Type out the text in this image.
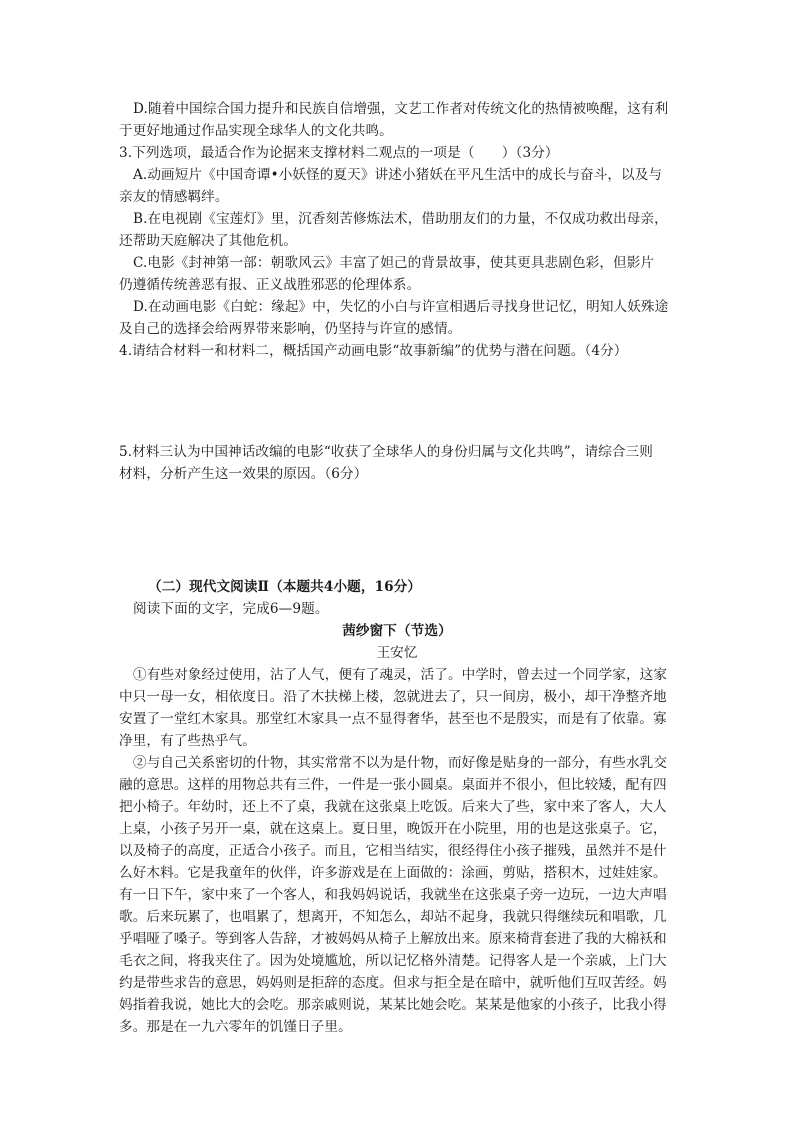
D.随着中国综合国力提升和民族自信增强，文艺工作者对传统文化的热情被唤醒，这有利
于更好地通过作品实现全球华人的文化共鸣。
3.下列选项，最适合作为论据来支撑材料二观点的一项是（　　）（3分）
A.动画短片《中国奇谭•小妖怪的夏天》讲述小猪妖在平凡生活中的成长与奋斗，以及与
亲友的情感羁绊。
B.在电视剧《宝莲灯》里，沉香刻苦修炼法术，借助朋友们的力量，不仅成功救出母亲，
还帮助天庭解决了其他危机。
C.电影《封神第一部：朝歌风云》丰富了妲己的背景故事，使其更具悲剧色彩，但影片
仍遵循传统善恶有报、正义战胜邪恶的伦理体系。
D.在动画电影《白蛇：缘起》中，失忆的小白与许宣相遇后寻找身世记忆，明知人妖殊途
及自己的选择会给两界带来影响，仍坚持与许宣的感情。
4.请结合材料一和材料二，概括国产动画电影“故事新编”的优势与潜在问题。（4分）
5.材料三认为中国神话改编的电影“收获了全球华人的身份归属与文化共鸣”，请综合三则
材料，分析产生这一效果的原因。（6分）
（二）现代文阅读Ⅱ（本题共4小题，16分）
阅读下面的文字，完成6—9题。
茜纱窗下（节选）
王安忆
①有些对象经过使用，沾了人气，便有了魂灵，活了。中学时，曾去过一个同学家，这家
中只一母一女，相依度日。沿了木扶梯上楼，忽就进去了，只一间房，极小，却干净整齐地
安置了一堂红木家具。那堂红木家具一点不显得奢华，甚至也不是殷实，而是有了依靠。寡
净里，有了些热乎气。
②与自己关系密切的什物，其实常常不以为是什物，而好像是贴身的一部分，有些水乳交
融的意思。这样的用物总共有三件，一件是一张小圆桌。桌面并不很小，但比较矮，配有四
把小椅子。年幼时，还上不了桌，我就在这张桌上吃饭。后来大了些，家中来了客人，大人
上桌，小孩子另开一桌，就在这桌上。夏日里，晚饭开在小院里，用的也是这张桌子。它，
以及椅子的高度，正适合小孩子。而且，它相当结实，很经得住小孩子摧残，虽然并不是什
么好木料。它是我童年的伙伴，许多游戏是在上面做的：涂画，剪贴，搭积木，过娃娃家。
有一日下午，家中来了一个客人，和我妈妈说话，我就坐在这张桌子旁一边玩，一边大声唱
歌。后来玩累了，也唱累了，想离开，不知怎么，却站不起身，我就只得继续玩和唱歌，几
乎唱哑了嗓子。等到客人告辞，才被妈妈从椅子上解放出来。原来椅背套进了我的大棉袄和
毛衣之间，将我夹住了。因为处境尴尬，所以记忆格外清楚。记得客人是一个亲戚，上门大
约是带些求告的意思，妈妈则是拒辞的态度。但求与拒全是在暗中，就听他们互叹苦经。妈
妈指着我说，她比大的会吃。那亲戚则说，某某比她会吃。某某是他家的小孩子，比我小得
多。那是在一九六零年的饥馑日子里。
